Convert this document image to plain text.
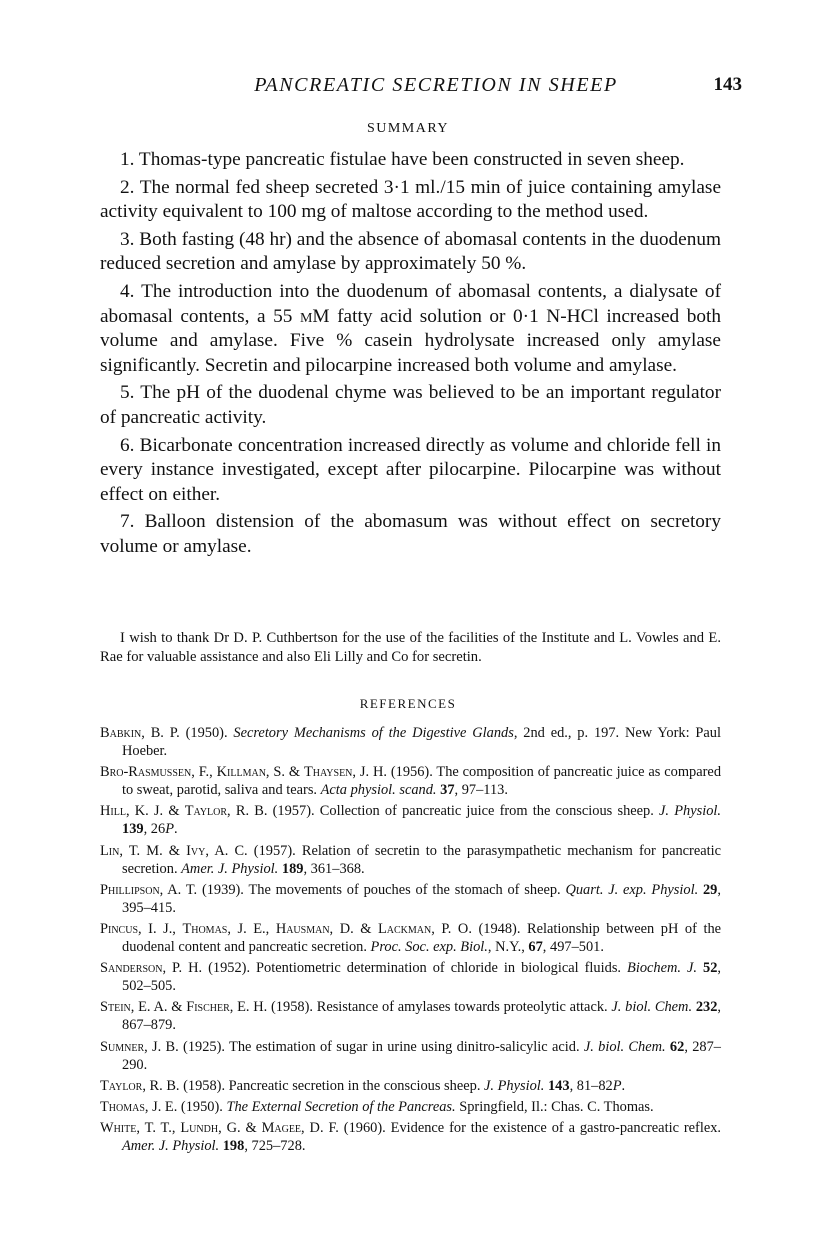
PANCREATIC SECRETION IN SHEEP	143
SUMMARY

1. Thomas-type pancreatic fistulae have been constructed in seven sheep.

2. The normal fed sheep secreted 3·1 ml./15 min of juice containing amylase activity equivalent to 100 mg of maltose according to the method used.

3. Both fasting (48 hr) and the absence of abomasal contents in the duodenum reduced secretion and amylase by approximately 50 %.

4. The introduction into the duodenum of abomasal contents, a dialysate of abomasal contents, a 55 mM fatty acid solution or 0·1 N-HCl increased both volume and amylase. Five % casein hydrolysate increased only amylase significantly. Secretin and pilocarpine increased both volume and amylase.

5. The pH of the duodenal chyme was believed to be an important regulator of pancreatic activity.

6. Bicarbonate concentration increased directly as volume and chloride fell in every instance investigated, except after pilocarpine. Pilocarpine was without effect on either.

7. Balloon distension of the abomasum was without effect on secretory volume or amylase.

I wish to thank Dr D. P. Cuthbertson for the use of the facilities of the Institute and L. Vowles and E. Rae for valuable assistance and also Eli Lilly and Co for secretin.

REFERENCES

Babkin, B. P. (1950). Secretory Mechanisms of the Digestive Glands, 2nd ed., p. 197. New York: Paul Hoeber.

Bro-Rasmussen, F., Killman, S. & Thaysen, J. H. (1956). The composition of pancreatic juice as compared to sweat, parotid, saliva and tears. Acta physiol. scand. 37, 97–113.

Hill, K. J. & Taylor, R. B. (1957). Collection of pancreatic juice from the conscious sheep. J. Physiol. 139, 26P.

Lin, T. M. & Ivy, A. C. (1957). Relation of secretin to the parasympathetic mechanism for pancreatic secretion. Amer. J. Physiol. 189, 361–368.

Phillipson, A. T. (1939). The movements of pouches of the stomach of sheep. Quart. J. exp. Physiol. 29, 395–415.

Pincus, I. J., Thomas, J. E., Hausman, D. & Lackman, P. O. (1948). Relationship between pH of the duodenal content and pancreatic secretion. Proc. Soc. exp. Biol., N.Y., 67, 497–501.

Sanderson, P. H. (1952). Potentiometric determination of chloride in biological fluids. Biochem. J. 52, 502–505.

Stein, E. A. & Fischer, E. H. (1958). Resistance of amylases towards proteolytic attack. J. biol. Chem. 232, 867–879.

Sumner, J. B. (1925). The estimation of sugar in urine using dinitro-salicylic acid. J. biol. Chem. 62, 287–290.

Taylor, R. B. (1958). Pancreatic secretion in the conscious sheep. J. Physiol. 143, 81–82P.

Thomas, J. E. (1950). The External Secretion of the Pancreas. Springfield, Il.: Chas. C. Thomas.

White, T. T., Lundh, G. & Magee, D. F. (1960). Evidence for the existence of a gastro-pancreatic reflex. Amer. J. Physiol. 198, 725–728.
